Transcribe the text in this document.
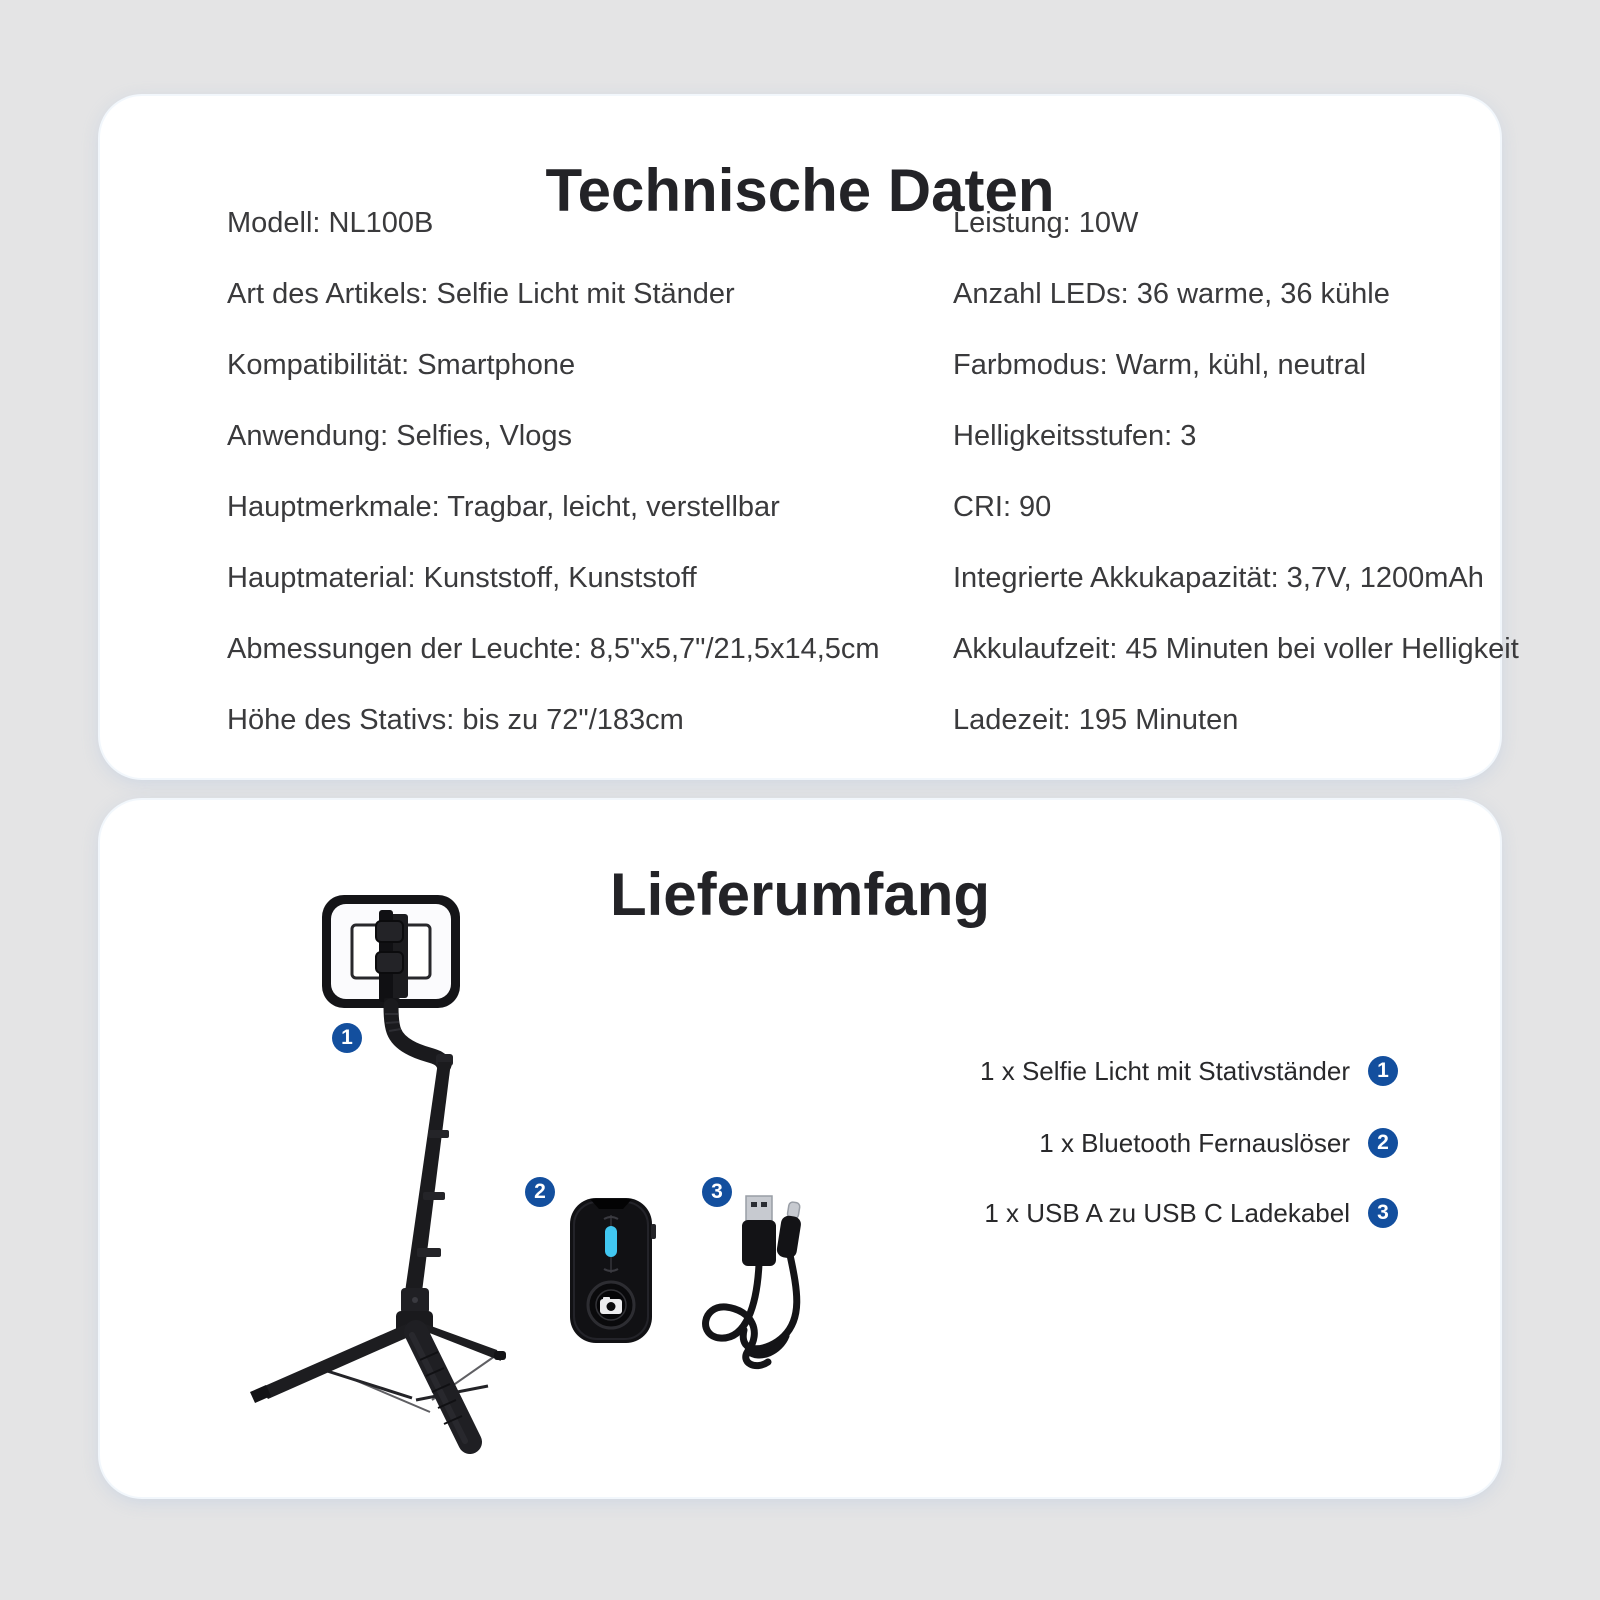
Technische Daten
Modell: NL100B
Art des Artikels: Selfie Licht mit Ständer
Kompatibilität: Smartphone
Anwendung: Selfies, Vlogs
Hauptmerkmale: Tragbar, leicht, verstellbar
Hauptmaterial: Kunststoff, Kunststoff
Abmessungen der Leuchte: 8,5"x5,7"/21,5x14,5cm
Höhe des Stativs: bis zu 72"/183cm
Leistung: 10W
Anzahl LEDs: 36 warme, 36 kühle
Farbmodus: Warm, kühl, neutral
Helligkeitsstufen: 3
CRI: 90
Integrierte Akkukapazität: 3,7V, 1200mAh
Akkulaufzeit: 45 Minuten bei voller Helligkeit
Ladezeit: 195 Minuten
Lieferumfang
1
2	3
1 x Selfie Licht mit Stativständer	1
1 x Bluetooth Fernauslöser	2
1 x USB A zu USB C Ladekabel	3
